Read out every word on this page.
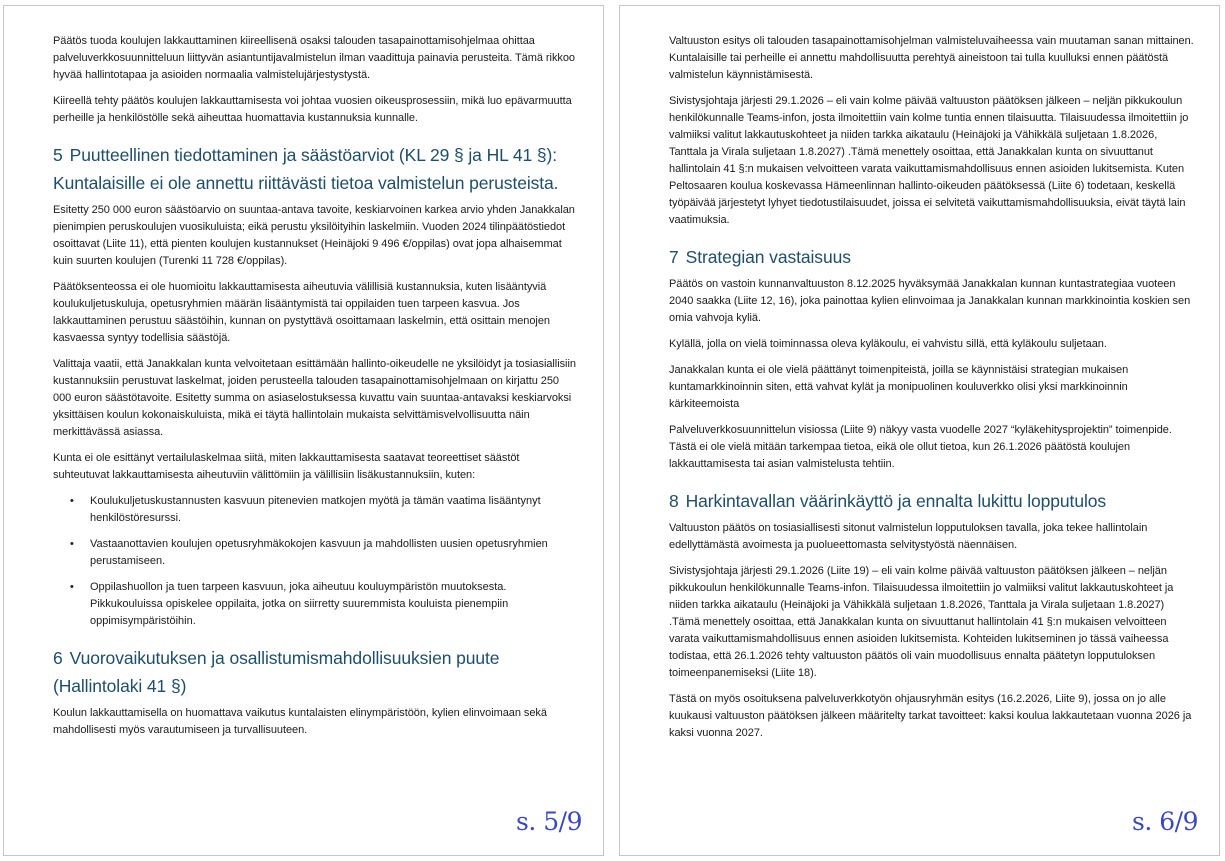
Päätös tuoda koulujen lakkauttaminen kiireellisenä osaksi talouden tasapainottamisohjelmaa ohittaa palveluverkkosuunnitteluun liittyvän asiantuntijavalmistelun ilman vaadittuja painavia perusteita. Tämä rikkoo hyvää hallintotapaa ja asioiden normaalia valmistelujärjestystystä.

Kiireellä tehty päätös koulujen lakkauttamisesta voi johtaa vuosien oikeusprosessiin, mikä luo epävarmuutta perheille ja henkilöstölle sekä aiheuttaa huomattavia kustannuksia kunnalle.

5 Puutteellinen tiedottaminen ja säästöarviot (KL 29 § ja HL 41 §): Kuntalaisille ei ole annettu riittävästi tietoa valmistelun perusteista.

Esitetty 250 000 euron säästöarvio on suuntaa-antava tavoite, keskiarvoinen karkea arvio yhden Janakkalan pienimpien peruskoulujen vuosikuluista; eikä perustu yksilöityihin laskelmiin. Vuoden 2024 tilinpäätöstiedot osoittavat (Liite 11), että pienten koulujen kustannukset (Heinäjoki 9 496 €/oppilas) ovat jopa alhaisemmat kuin suurten koulujen (Turenki 11 728 €/oppilas).

Päätöksenteossa ei ole huomioitu lakkauttamisesta aiheutuvia välillisiä kustannuksia, kuten lisääntyviä koulukuljetuskuluja, opetusryhmien määrän lisääntymistä tai oppilaiden tuen tarpeen kasvua. Jos lakkauttaminen perustuu säästöihin, kunnan on pystyttävä osoittamaan laskelmin, että osittain menojen kasvaessa syntyy todellisia säästöjä.

Valittaja vaatii, että Janakkalan kunta velvoitetaan esittämään hallinto-oikeudelle ne yksilöidyt ja tosiasiallisiin kustannuksiin perustuvat laskelmat, joiden perusteella talouden tasapainottamisohjelmaan on kirjattu 250 000 euron säästötavoite. Esitetty summa on asiaselostuksessa kuvattu vain suuntaa-antavaksi keskiarvoksi yksittäisen koulun kokonaiskuluista, mikä ei täytä hallintolain mukaista selvittämisvelvollisuutta näin merkittävässä asiassa.

Kunta ei ole esittänyt vertailulaskelmaa siitä, miten lakkauttamisesta saatavat teoreettiset säästöt suhteutuvat lakkauttamisesta aiheutuviin välittömiin ja välillisiin lisäkustannuksiin, kuten:

• Koulukuljetuskustannusten kasvuun pitenevien matkojen myötä ja tämän vaatima lisääntynyt henkilöstöresurssi.
• Vastaanottavien koulujen opetusryhmäkokojen kasvuun ja mahdollisten uusien opetusryhmien perustamiseen.
• Oppilashuollon ja tuen tarpeen kasvuun, joka aiheutuu kouluympäristön muutoksesta. Pikkukouluissa opiskelee oppilaita, jotka on siirretty suuremmista kouluista pienempiin oppimisympäristöihin.
6 Vuorovaikutuksen ja osallistumismahdollisuuksien puute (Hallintolaki 41 §)

Koulun lakkauttamisella on huomattava vaikutus kuntalaisten elinympäristöön, kylien elinvoimaan sekä mahdollisesti myös varautumiseen ja turvallisuuteen.

s. 5/9

Valtuuston esitys oli talouden tasapainottamisohjelman valmisteluvaiheessa vain muutaman sanan mittainen. Kuntalaisille tai perheille ei annettu mahdollisuutta perehtyä aineistoon tai tulla kuulluksi ennen päätöstä valmistelun käynnistämisestä.

Sivistysjohtaja järjesti 29.1.2026 – eli vain kolme päivää valtuuston päätöksen jälkeen – neljän pikkukoulun henkilökunnalle Teams-infon, josta ilmoitettiin vain kolme tuntia ennen tilaisuutta. Tilaisuudessa ilmoitettiin jo valmiiksi valitut lakkautuskohteet ja niiden tarkka aikataulu (Heinäjoki ja Vähikkälä suljetaan 1.8.2026, Tanttala ja Virala suljetaan 1.8.2027) .Tämä menettely osoittaa, että Janakkalan kunta on sivuuttanut hallintolain 41 §:n mukaisen velvoitteen varata vaikuttamismahdollisuus ennen asioiden lukitsemista. Kuten Peltosaaren koulua koskevassa Hämeenlinnan hallinto-oikeuden päätöksessä (Liite 6) todetaan, keskellä työpäivää järjestetyt lyhyet tiedotustilaisuudet, joissa ei selvitetä vaikuttamismahdollisuuksia, eivät täytä lain vaatimuksia.

7 Strategian vastaisuus

Päätös on vastoin kunnanvaltuuston 8.12.2025 hyväksymää Janakkalan kunnan kuntastrategiaa vuoteen 2040 saakka (Liite 12, 16), joka painottaa kylien elinvoimaa ja Janakkalan kunnan markkinointia koskien sen omia vahvoja kyliä.

Kylällä, jolla on vielä toiminnassa oleva kyläkoulu, ei vahvistu sillä, että kyläkoulu suljetaan.

Janakkalan kunta ei ole vielä päättänyt toimenpiteistä, joilla se käynnistäisi strategian mukaisen kuntamarkkinoinnin siten, että vahvat kylät ja monipuolinen kouluverkko olisi yksi markkinoinnin kärkiteemoista

Palveluverkkosuunnittelun visiossa (Liite 9) näkyy vasta vuodelle 2027 “kyläkehitysprojektin” toimenpide. Tästä ei ole vielä mitään tarkempaa tietoa, eikä ole ollut tietoa, kun 26.1.2026 päätöstä koulujen lakkauttamisesta tai asian valmistelusta tehtiin.

8 Harkintavallan väärinkäyttö ja ennalta lukittu lopputulos

Valtuuston päätös on tosiasiallisesti sitonut valmistelun lopputuloksen tavalla, joka tekee hallintolain edellyttämästä avoimesta ja puolueettomasta selvitystyöstä näennäisen.

Sivistysjohtaja järjesti 29.1.2026 (Liite 19) – eli vain kolme päivää valtuuston päätöksen jälkeen – neljän pikkukoulun henkilökunnalle Teams-infon. Tilaisuudessa ilmoitettiin jo valmiiksi valitut lakkautuskohteet ja niiden tarkka aikataulu (Heinäjoki ja Vähikkälä suljetaan 1.8.2026, Tanttala ja Virala suljetaan 1.8.2027) .Tämä menettely osoittaa, että Janakkalan kunta on sivuuttanut hallintolain 41 §:n mukaisen velvoitteen varata vaikuttamismahdollisuus ennen asioiden lukitsemista. Kohteiden lukitseminen jo tässä vaiheessa todistaa, että 26.1.2026 tehty valtuuston päätös oli vain muodollisuus ennalta päätetyn lopputuloksen toimeenpanemiseksi (Liite 18).

Tästä on myös osoituksena palveluverkkotyön ohjausryhmän esitys (16.2.2026, Liite 9), jossa on jo alle kuukausi valtuuston päätöksen jälkeen määritelty tarkat tavoitteet: kaksi koulua lakkautetaan vuonna 2026 ja kaksi vuonna 2027.

s. 6/9
